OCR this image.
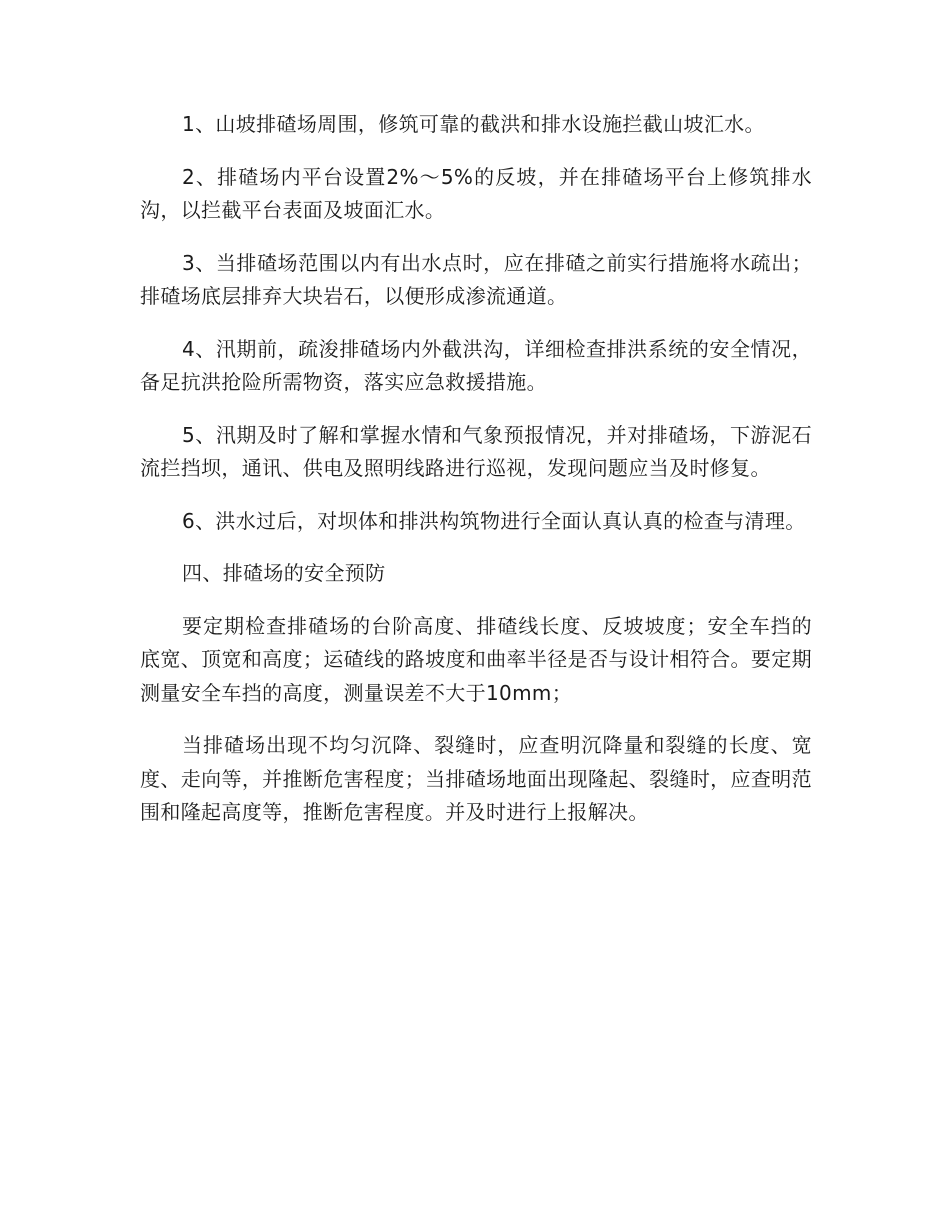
1、山坡排碴场周围，修筑可靠的截洪和排水设施拦截山坡汇水。

2、排碴场内平台设置2%～5%的反坡，并在排碴场平台上修筑排水沟，以拦截平台表面及坡面汇水。

3、当排碴场范围以内有出水点时，应在排碴之前实行措施将水疏出；排碴场底层排弃大块岩石，以便形成渗流通道。

4、汛期前，疏浚排碴场内外截洪沟，详细检查排洪系统的安全情况，备足抗洪抢险所需物资，落实应急救援措施。

5、汛期及时了解和掌握水情和气象预报情况，并对排碴场，下游泥石流拦挡坝，通讯、供电及照明线路进行巡视，发现问题应当及时修复。

6、洪水过后，对坝体和排洪构筑物进行全面认真认真的检查与清理。

四、排碴场的安全预防

要定期检查排碴场的台阶高度、排碴线长度、反坡坡度；安全车挡的底宽、顶宽和高度；运碴线的路坡度和曲率半径是否与设计相符合。要定期测量安全车挡的高度，测量误差不大于10mm；

当排碴场出现不均匀沉降、裂缝时，应查明沉降量和裂缝的长度、宽度、走向等，并推断危害程度；当排碴场地面出现隆起、裂缝时，应查明范围和隆起高度等，推断危害程度。并及时进行上报解决。
